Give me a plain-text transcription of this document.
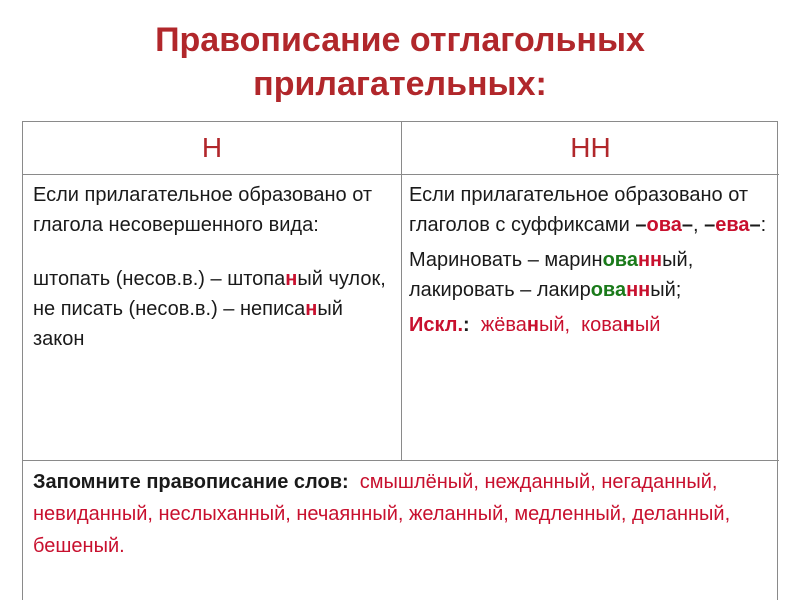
Правописание отглагольных
прилагательных:
Н	НН

Если прилагательное образовано от глагола несовершенного вида:

штопать (несов.в.) – штопаный чулок, не писать (несов.в.) – неписаный закон

Если прилагательное образовано от глаголов с суффиксами –ова–, –ева–:

Мариновать – маринованный, лакировать – лакированный;

Искл.: жёваный, кованый

Запомните правописание слов: смышлёный, нежданный, негаданный, невиданный, неслыханный, нечаянный, желанный, медленный, деланный, бешеный.
